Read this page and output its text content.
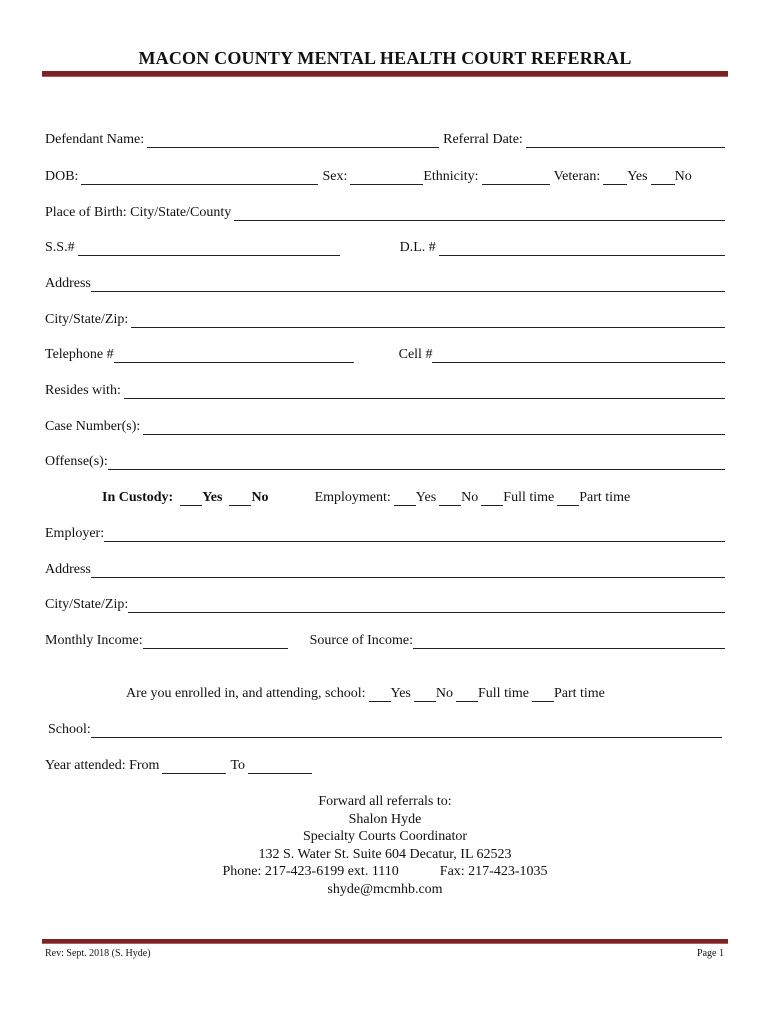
MACON COUNTY MENTAL HEALTH COURT REFERRAL
Defendant Name:	Referral Date:
DOB:	Sex:	Ethnicity:	Veteran: Yes No
Place of Birth: City/State/County
S.S.#	D.L. #
Address
City/State/Zip:
Telephone #	Cell #
Resides with:
Case Number(s):
Offense(s):
In Custody: Yes No	Employment: Yes No Full time Part time
Employer:
Address
City/State/Zip:
Monthly Income:	Source of Income:
Are you enrolled in, and attending, school: Yes No Full time Part time
School:
Year attended: From	To
Forward all referrals to:
Shalon Hyde
Specialty Courts Coordinator
132 S. Water St. Suite 604 Decatur, IL 62523
Phone: 217-423-6199 ext. 1110	Fax: 217-423-1035
shyde@mcmhb.com
Rev: Sept. 2018 (S. Hyde)	Page 1
